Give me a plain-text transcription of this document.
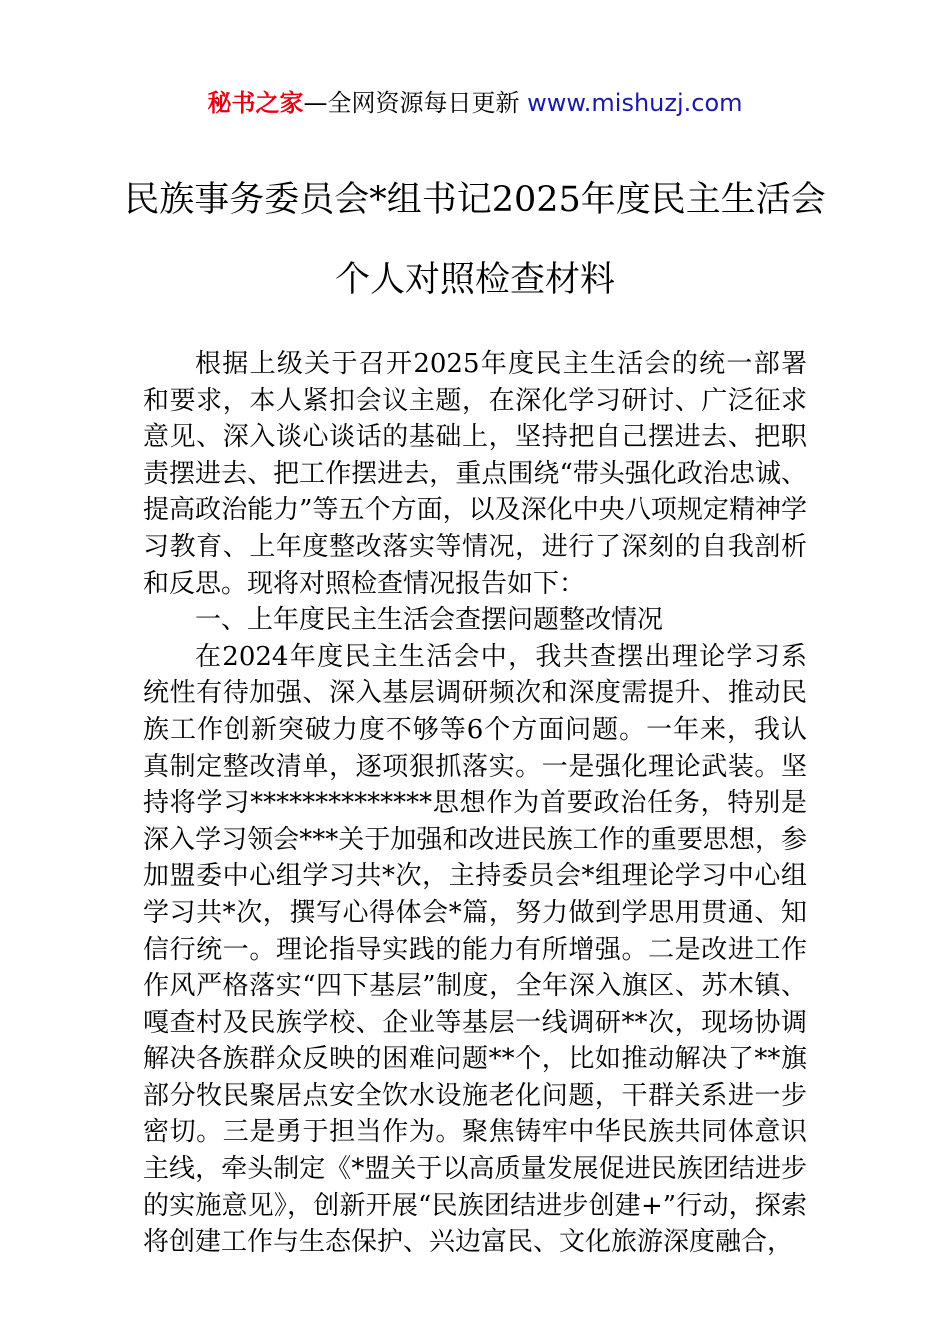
秘书之家—全网资源每日更新 www.mishuzj.com
民族事务委员会*组书记2025年度民主生活会个人对照检查材料

根据上级关于召开2025年度民主生活会的统一部署和要求，本人紧扣会议主题，在深化学习研讨、广泛征求意见、深入谈心谈话的基础上，坚持把自己摆进去、把职责摆进去、把工作摆进去，重点围绕“带头强化政治忠诚、提高政治能力”等五个方面，以及深化中央八项规定精神学习教育、上年度整改落实等情况，进行了深刻的自我剖析和反思。现将对照检查情况报告如下：

一、上年度民主生活会查摆问题整改情况

在2024年度民主生活会中，我共查摆出理论学习系统性有待加强、深入基层调研频次和深度需提升、推动民族工作创新突破力度不够等6个方面问题。一年来，我认真制定整改清单，逐项狠抓落实。一是强化理论武装。坚持将学习**************思想作为首要政治任务，特别是深入学习领会***关于加强和改进民族工作的重要思想，参加盟委中心组学习共*次，主持委员会*组理论学习中心组学习共*次，撰写心得体会*篇，努力做到学思用贯通、知信行统一。理论指导实践的能力有所增强。二是改进工作作风严格落实“四下基层”制度，全年深入旗区、苏木镇、嘎查村及民族学校、企业等基层一线调研**次，现场协调解决各族群众反映的困难问题**个，比如推动解决了**旗部分牧民聚居点安全饮水设施老化问题，干群关系进一步密切。三是勇于担当作为。聚焦铸牢中华民族共同体意识主线，牵头制定《*盟关于以高质量发展促进民族团结进步的实施意见》，创新开展“民族团结进步创建+”行动，探索将创建工作与生态保护、兴边富民、文化旅游深度融合，
